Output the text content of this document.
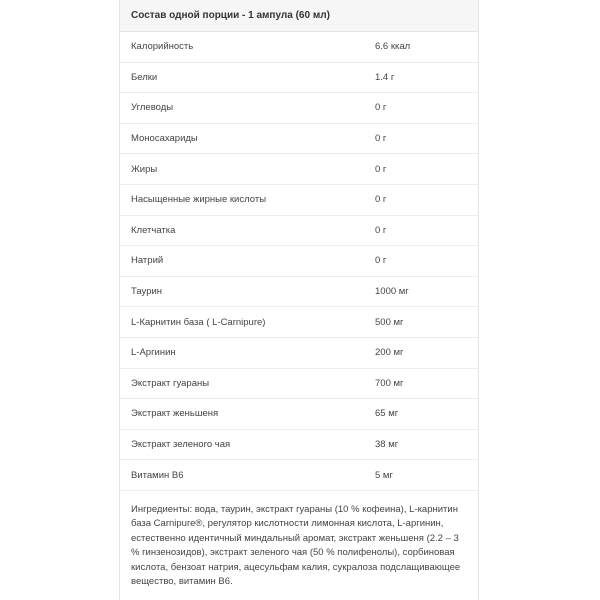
Состав одной порции - 1 ампула (60 мл)
Калорийность	6.6 ккал
Белки	1.4 г
Углеводы	0 г
Моносахариды	0 г
Жиры	0 г
Насыщенные жирные кислоты	0 г
Клетчатка	0 г
Натрий	0 г
Таурин	1000 мг
L-Карнитин база ( L-Carnipure)	500 мг
L-Аргинин	200 мг
Экстракт гуараны	700 мг
Экстракт женьшеня	65 мг
Экстракт зеленого чая	38 мг
Витамин В6	5 мг
Ингредиенты: вода, таурин, экстракт гуараны (10 % кофеина), L-карнитин база Carnipure®, регулятор кислотности лимонная кислота, L-аргинин, естественно идентичный миндальный аромат, экстракт женьшеня (2.2 – 3 % гинзенозидов), экстракт зеленого чая (50 % полифенолы), сорбиновая кислота, бензоат натрия, ацесульфам калия, сукралоза подслащивающее вещество, витамин В6.
